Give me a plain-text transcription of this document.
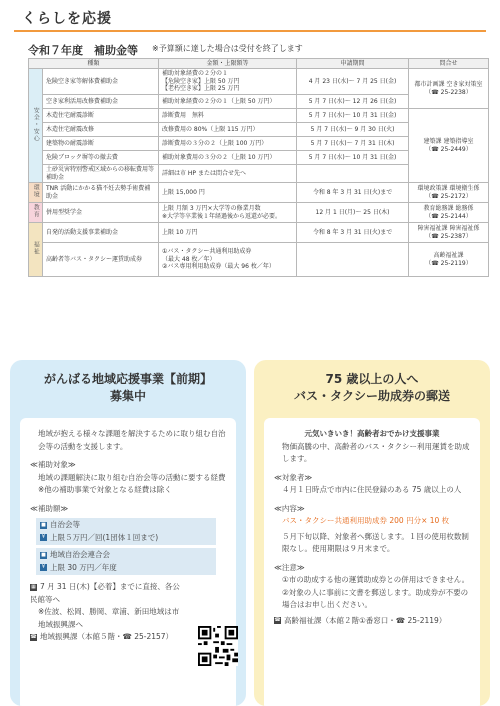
くらしを応援
令和７年度　補助金等 ※予算額に達した場合は受付を終了します
種類		金額・上限額等	申請期間	問合せ
安全・安心	危険空き家等解体費補助金	補助対象経費の２分の１
【危険空き家】上限 50 万円
【老朽空き家】上限 25 万円	4 月 23 日(水)～ 7 月 25 日(金)	都市計画課 空き家対策室
（☎ 25-2238）
	空き家利活用改修費補助金	補助対象経費の２分の１（上限 50 万円）	5 月 7 日(水)～ 12 月 26 日(金)	
	木造住宅耐震診断	診断費用　無料	5 月 7 日(水)～ 10 月 31 日(金)	建築課 建築指導室
（☎ 25-2449）
	木造住宅耐震改修	改修費用の 80%（上限 115 万円）	5 月 7 日(水)～ 9 月 30 日(火)	
	建築物の耐震診断	診断費用の３分の２（上限 100 万円）	5 月 7 日(水)～ 7 月 31 日(木)	
	危険ブロック塀等の撤去費	補助対象費用の３分の２（上限 10 万円）	5 月 7 日(水)～ 10 月 31 日(金)	
	土砂災害特別警戒区域からの移転費用等補助金	詳細は市 HP または問合せ先へ		
環境	TNR 活動にかかる猫不妊去勢手術費補助金	上限 15,000 円	令和 8 年 3 月 31 日(火)まで	環境政策課 環境衛生係
（☎ 25-2172）
教育	併用型奨学金	上限 月額 3 万円×大学等の修業月数
※大学等卒業後１年経過後から返還が必要。	12 月 1 日(月)～ 25 日(木)	教育総務課 総務係
（☎ 25-2144）
福祉	自発的活動支援事業補助金	上限 10 万円	令和 8 年 3 月 31 日(火)まで	障害福祉課 障害福祉係
（☎ 25-2387）
	高齢者等バス・タクシー運賃助成券	①バス・タクシー共通利用助成券
（最大 48 枚／年）
②バス専用利用助成券（最大 96 枚／年）		高齢福祉課
（☎ 25-2119）
がんばる地域応援事業【前期】
募集中

地域が抱える様々な課題を解決するために取り組む自治会等の活動を支援します。

≪補助対象≫

地域の課題解決に取り組む自治会等の活動に要する経費

※他の補助事業で対象となる経費は除く

≪補助額≫

■ 自治会等
¥ 上限５万円／回(1団体１回まで)
■ 地域自治会連合会
¥ 上限 30 万円／年度

▦ 7 月 31 日(木)【必着】までに直接、各公民館等へ

※佐波、松岡、勝岡、章浦、新田地域は市地域振興課へ

☎ 地域振興課（本館５階・☎ 25-2157）

75 歳以上の人へ
バス・タクシー助成券の郵送

元気いきいき！高齢者おでかけ支援事業

物価高騰の中、高齢者のバス・タクシー利用運賃を助成します。

≪対象者≫

４月１日時点で市内に住民登録のある 75 歳以上の人

≪内容≫

バス・タクシー共通利用助成券 200 円分× 10 枚

５月下旬以降、対象者へ郵送します。１回の使用枚数制限なし。使用期限は９月末まで。

≪注意≫

①市の助成する他の運賃助成券との併用はできません。

②対象の人に事前に文書を郵送します。助成券が不要の場合はお申し出ください。

☎ 高齢福祉課（本館２階①番窓口・☎ 25-2119）
